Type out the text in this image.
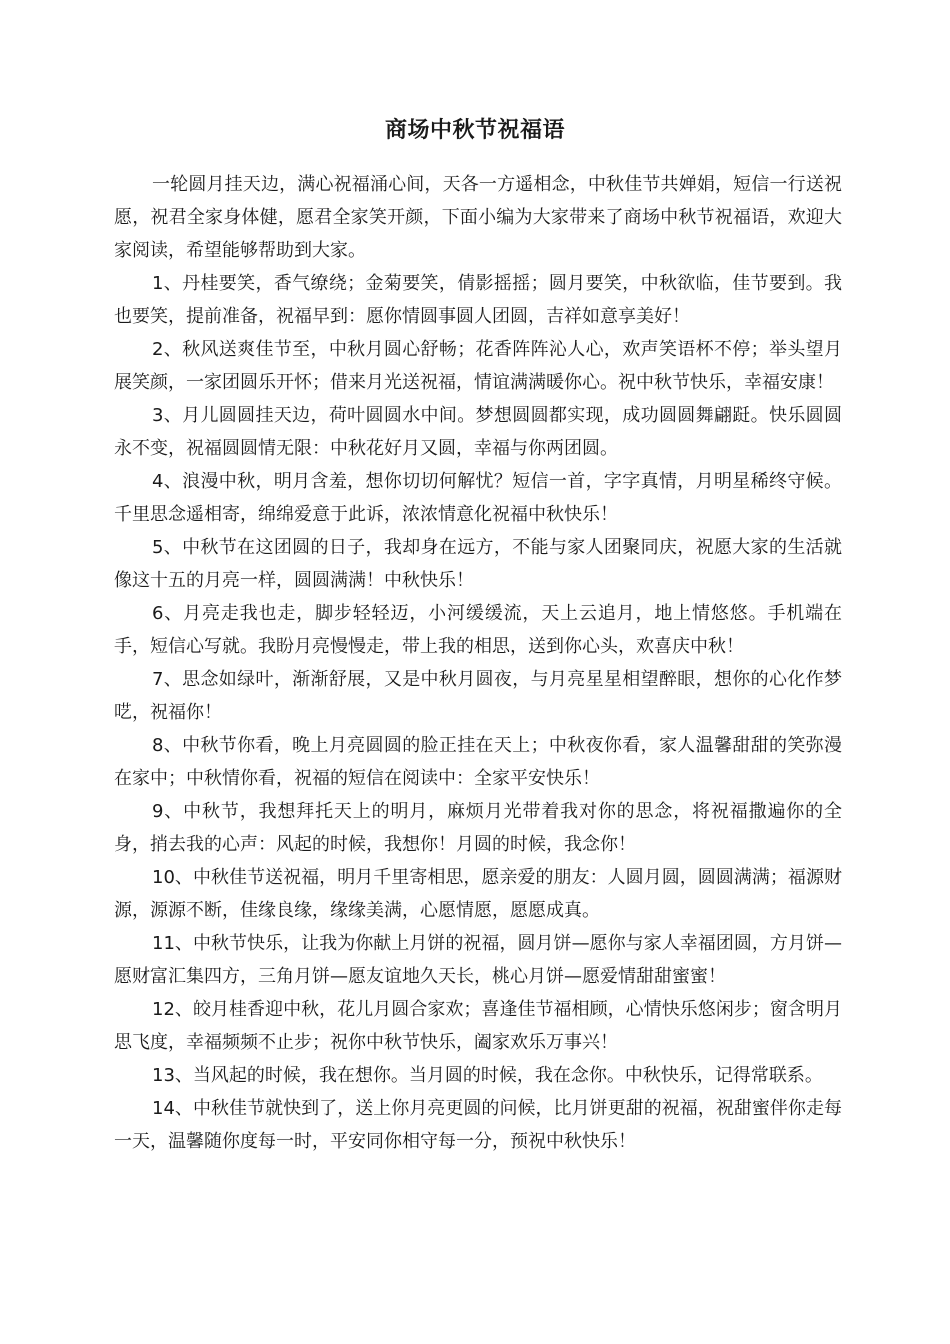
商场中秋节祝福语

一轮圆月挂天边，满心祝福涌心间，天各一方遥相念，中秋佳节共婵娟，短信一行送祝愿，祝君全家身体健，愿君全家笑开颜，下面小编为大家带来了商场中秋节祝福语，欢迎大家阅读，希望能够帮助到大家。

1、丹桂要笑，香气缭绕；金菊要笑，倩影摇摇；圆月要笑，中秋欲临，佳节要到。我也要笑，提前准备，祝福早到：愿你情圆事圆人团圆，吉祥如意享美好！

2、秋风送爽佳节至，中秋月圆心舒畅；花香阵阵沁人心，欢声笑语杯不停；举头望月展笑颜，一家团圆乐开怀；借来月光送祝福，情谊满满暖你心。祝中秋节快乐，幸福安康！

3、月儿圆圆挂天边，荷叶圆圆水中间。梦想圆圆都实现，成功圆圆舞翩跹。快乐圆圆永不变，祝福圆圆情无限：中秋花好月又圆，幸福与你两团圆。

4、浪漫中秋，明月含羞，想你切切何解忧？短信一首，字字真情，月明星稀终守候。千里思念遥相寄，绵绵爱意于此诉，浓浓情意化祝福中秋快乐！

5、中秋节在这团圆的日子，我却身在远方，不能与家人团聚同庆，祝愿大家的生活就像这十五的月亮一样，圆圆满满！中秋快乐！

6、月亮走我也走，脚步轻轻迈，小河缓缓流，天上云追月，地上情悠悠。手机端在手，短信心写就。我盼月亮慢慢走，带上我的相思，送到你心头，欢喜庆中秋！

7、思念如绿叶，渐渐舒展，又是中秋月圆夜，与月亮星星相望醉眼，想你的心化作梦呓，祝福你！

8、中秋节你看，晚上月亮圆圆的脸正挂在天上；中秋夜你看，家人温馨甜甜的笑弥漫在家中；中秋情你看，祝福的短信在阅读中：全家平安快乐！

9、中秋节，我想拜托天上的明月，麻烦月光带着我对你的思念，将祝福撒遍你的全身，捎去我的心声：风起的时候，我想你！月圆的时候，我念你！

10、中秋佳节送祝福，明月千里寄相思，愿亲爱的朋友：人圆月圆，圆圆满满；福源财源，源源不断，佳缘良缘，缘缘美满，心愿情愿，愿愿成真。

11、中秋节快乐，让我为你献上月饼的祝福，圆月饼—愿你与家人幸福团圆，方月饼—愿财富汇集四方，三角月饼—愿友谊地久天长，桃心月饼—愿爱情甜甜蜜蜜！

12、皎月桂香迎中秋，花儿月圆合家欢；喜逢佳节福相顾，心情快乐悠闲步；窗含明月思飞度，幸福频频不止步；祝你中秋节快乐，阖家欢乐万事兴！

13、当风起的时候，我在想你。当月圆的时候，我在念你。中秋快乐，记得常联系。

14、中秋佳节就快到了，送上你月亮更圆的问候，比月饼更甜的祝福，祝甜蜜伴你走每一天，温馨随你度每一时，平安同你相守每一分，预祝中秋快乐！
